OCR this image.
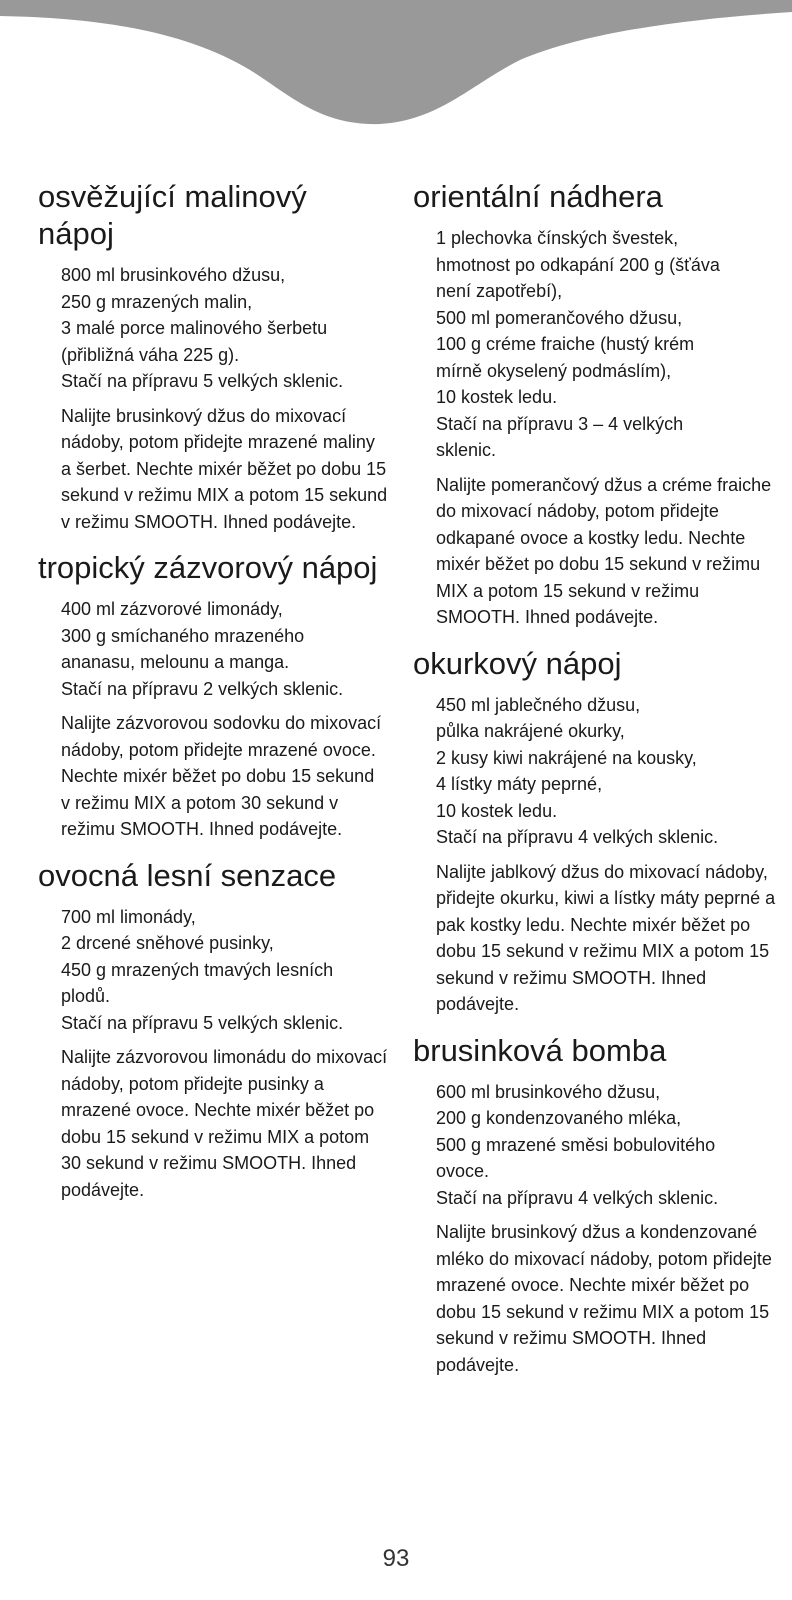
osvěžující malinový nápoj
800 ml brusinkového džusu,
250 g mrazených malin,
3 malé porce malinového šerbetu
(přibližná váha 225 g).
Stačí na přípravu 5 velkých sklenic.

Nalijte brusinkový džus do mixovací nádoby, potom přidejte mrazené maliny a šerbet. Nechte mixér běžet po dobu 15 sekund v režimu MIX a potom 15 sekund v režimu SMOOTH. Ihned podávejte.

tropický zázvorový nápoj
400 ml zázvorové limonády,
300 g smíchaného mrazeného
ananasu, melounu a manga.
Stačí na přípravu 2 velkých sklenic.

Nalijte zázvorovou sodovku do mixovací nádoby, potom přidejte mrazené ovoce. Nechte mixér běžet po dobu 15 sekund v režimu MIX a potom 30 sekund v režimu SMOOTH. Ihned podávejte.

ovocná lesní senzace
700 ml limonády,
2 drcené sněhové pusinky,
450 g mrazených tmavých lesních
plodů.
Stačí na přípravu 5 velkých sklenic.

Nalijte zázvorovou limonádu do mixovací nádoby, potom přidejte pusinky a mrazené ovoce. Nechte mixér běžet po dobu 15 sekund v režimu MIX a potom 30 sekund v režimu SMOOTH. Ihned podávejte.

orientální nádhera
1 plechovka čínských švestek,
hmotnost po odkapání 200 g (šťáva
není zapotřebí),
500 ml pomerančového džusu,
100 g créme fraiche (hustý krém
mírně okyselený podmáslím),
10 kostek ledu.
Stačí na přípravu 3 – 4 velkých
sklenic.

Nalijte pomerančový džus a créme fraiche do mixovací nádoby, potom přidejte odkapané ovoce a kostky ledu. Nechte mixér běžet po dobu 15 sekund v režimu MIX a potom 15 sekund v režimu SMOOTH. Ihned podávejte.

okurkový nápoj
450 ml jablečného džusu,
půlka nakrájené okurky,
2 kusy kiwi nakrájené na kousky,
4 lístky máty peprné,
10 kostek ledu.
Stačí na přípravu 4 velkých sklenic.

Nalijte jablkový džus do mixovací nádoby, přidejte okurku, kiwi a lístky máty peprné a pak kostky ledu. Nechte mixér běžet po dobu 15 sekund v režimu MIX a potom 15 sekund v režimu SMOOTH. Ihned podávejte.

brusinková bomba
600 ml brusinkového džusu,
200 g kondenzovaného mléka,
500 g mrazené směsi bobulovitého
ovoce.
Stačí na přípravu 4 velkých sklenic.

Nalijte brusinkový džus a kondenzované mléko do mixovací nádoby, potom přidejte mrazené ovoce. Nechte mixér běžet po dobu 15 sekund v režimu MIX a potom 15 sekund v režimu SMOOTH. Ihned podávejte.

93
